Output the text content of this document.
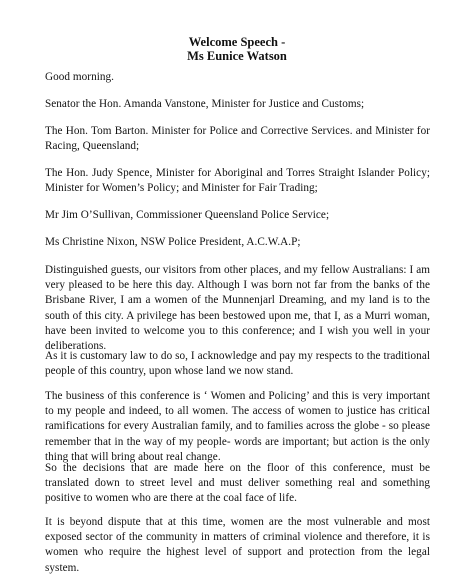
Welcome Speech -

Ms Eunice Watson

Good morning.

Senator the Hon. Amanda Vanstone, Minister for Justice and Customs;

The Hon. Tom Barton. Minister for Police and Corrective Services. and Minister for Racing, Queensland;

The Hon. Judy Spence, Minister for Aboriginal and Torres Straight Islander Policy; Minister for Women’s Policy; and Minister for Fair Trading;

Mr Jim O’Sullivan, Commissioner Queensland Police Service;

Ms Christine Nixon, NSW Police President, A.C.W.A.P;

Distinguished guests, our visitors from other places, and my fellow Australians: I am very pleased to be here this day. Although I was born not far from the banks of the Brisbane River, I am a women of the Munnenjarl Dreaming, and my land is to the south of this city. A privilege has been bestowed upon me, that I, as a Murri woman, have been invited to welcome you to this conference; and I wish you well in your deliberations.

As it is customary law to do so, I acknowledge and pay my respects to the traditional people of this country, upon whose land we now stand.

The business of this conference is ‘ Women and Policing’ and this is very important to my people and indeed, to all women. The access of women to justice has critical ramifications for every Australian family, and to families across the globe - so please remember that in the way of my people- words are important; but action is the only thing that will bring about real change.

So the decisions that are made here on the floor of this conference, must be translated down to street level and must deliver something real and something positive to women who are there at the coal face of life.

It is beyond dispute that at this time, women are the most vulnerable and most exposed sector of the community in matters of criminal violence and therefore, it is women who require the highest level of support and protection from the legal system.
